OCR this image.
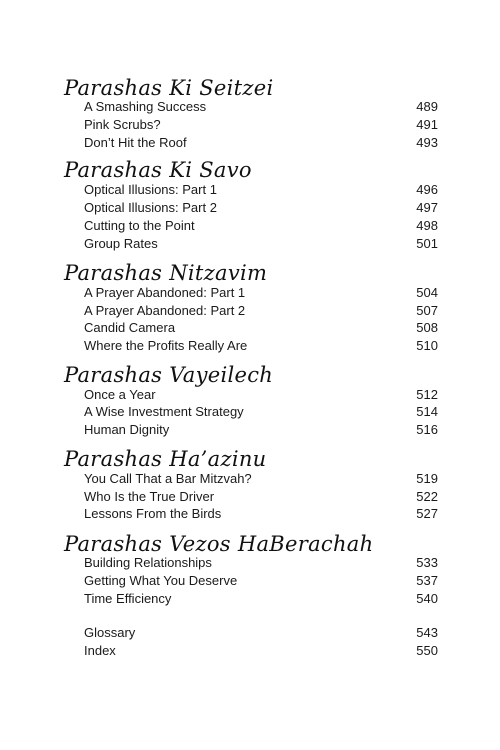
Parashas Ki Seitzei
A Smashing Success	489
Pink Scrubs?	491
Don’t Hit the Roof	493
Parashas Ki Savo
Optical Illusions: Part 1	496
Optical Illusions: Part 2	497
Cutting to the Point	498
Group Rates	501
Parashas Nitzavim
A Prayer Abandoned: Part 1	504
A Prayer Abandoned: Part 2	507
Candid Camera	508
Where the Profits Really Are	510
Parashas Vayeilech
Once a Year	512
A Wise Investment Strategy	514
Human Dignity	516
Parashas Ha’azinu
You Call That a Bar Mitzvah?	519
Who Is the True Driver	522
Lessons From the Birds	527
Parashas Vezos HaBerachah
Building Relationships	533
Getting What You Deserve	537
Time Efficiency	540
Glossary	543
Index	550
